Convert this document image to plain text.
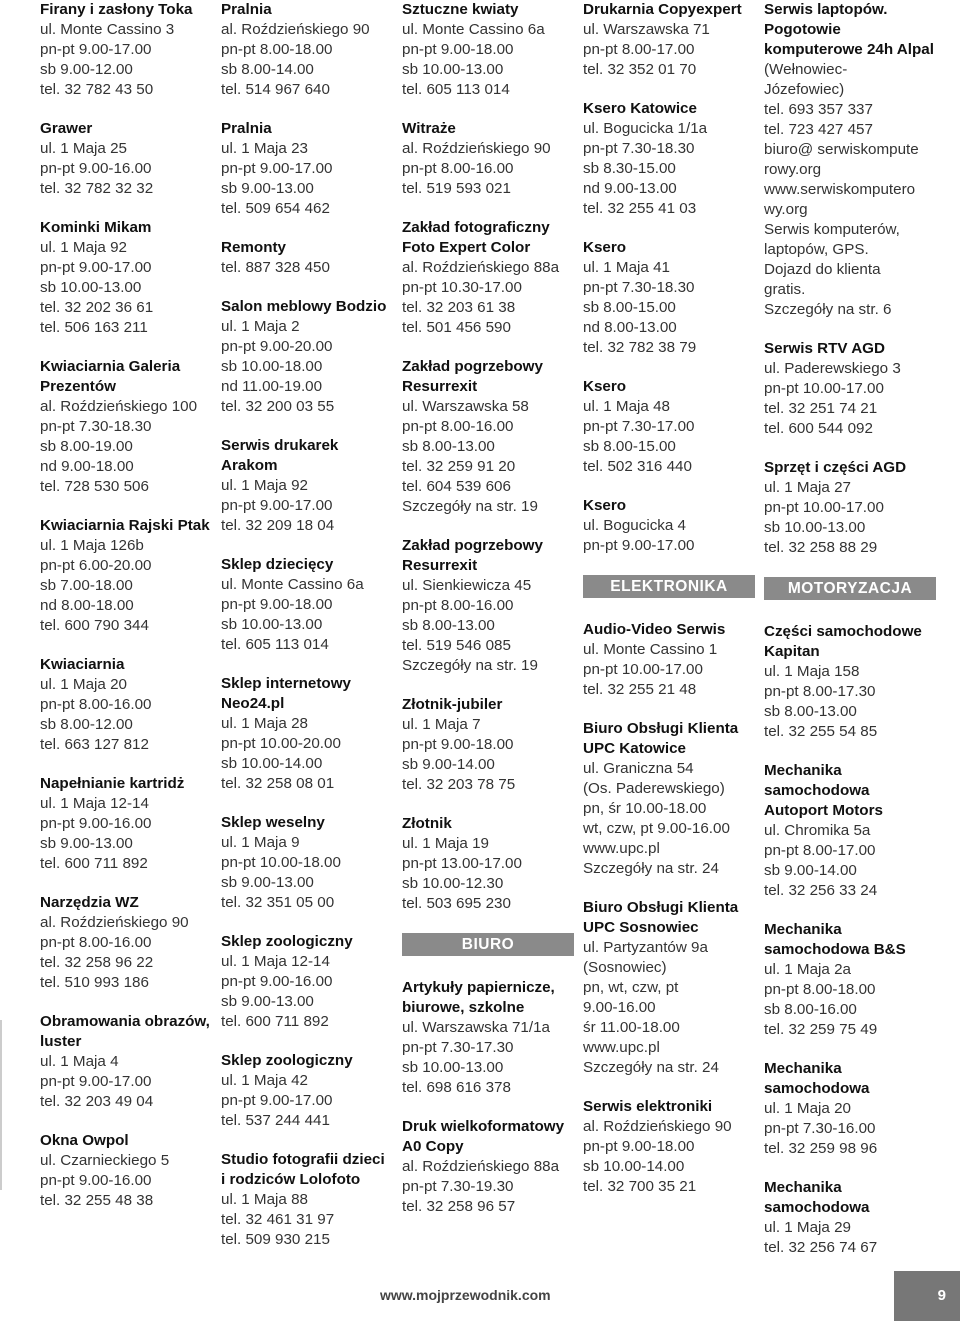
Firany i zasłony Toka
ul. Monte Cassino 3
pn-pt 9.00-17.00
sb 9.00-12.00
tel. 32 782 43 50
Grawer
ul. 1 Maja 25
pn-pt 9.00-16.00
tel. 32 782 32 32
Kominki Mikam
ul. 1 Maja 92
pn-pt 9.00-17.00
sb 10.00-13.00
tel. 32 202 36 61
tel. 506 163 211
Kwiaciarnia Galeria Prezentów
al. Roździeńskiego 100
pn-pt 7.30-18.30
sb 8.00-19.00
nd 9.00-18.00
tel. 728 530 506
Kwiaciarnia Rajski Ptak
ul. 1 Maja 126b
pn-pt 6.00-20.00
sb 7.00-18.00
nd 8.00-18.00
tel. 600 790 344
Kwiaciarnia
ul. 1 Maja 20
pn-pt 8.00-16.00
sb 8.00-12.00
tel. 663 127 812
Napełnianie kartridż
ul. 1 Maja 12-14
pn-pt 9.00-16.00
sb 9.00-13.00
tel. 600 711 892
Narzędzia WZ
al. Roździeńskiego 90
pn-pt 8.00-16.00
tel. 32 258 96 22
tel. 510 993 186
Obramowania obrazów, luster
ul. 1 Maja 4
pn-pt 9.00-17.00
tel. 32 203 49 04
Okna Owpol
ul. Czarnieckiego 5
pn-pt 9.00-16.00
tel. 32 255 48 38
Pralnia
al. Roździeńskiego 90
pn-pt 8.00-18.00
sb 8.00-14.00
tel. 514 967 640
Pralnia
ul. 1 Maja 23
pn-pt 9.00-17.00
sb 9.00-13.00
tel. 509 654 462
Remonty
tel. 887 328 450
Salon meblowy Bodzio
ul. 1 Maja 2
pn-pt 9.00-20.00
sb 10.00-18.00
nd 11.00-19.00
tel. 32 200 03 55
Serwis drukarek Arakom
ul. 1 Maja 92
pn-pt 9.00-17.00
tel. 32 209 18 04
Sklep dziecięcy
ul. Monte Cassino 6a
pn-pt 9.00-18.00
sb 10.00-13.00
tel. 605 113 014
Sklep internetowy Neo24.pl
ul. 1 Maja 28
pn-pt 10.00-20.00
sb 10.00-14.00
tel. 32 258 08 01
Sklep weselny
ul. 1 Maja 9
pn-pt 10.00-18.00
sb 9.00-13.00
tel. 32 351 05 00
Sklep zoologiczny
ul. 1 Maja 12-14
pn-pt 9.00-16.00
sb 9.00-13.00
tel. 600 711 892
Sklep zoologiczny
ul. 1 Maja 42
pn-pt 9.00-17.00
tel. 537 244 441
Studio fotografii dzieci i rodziców Lolofoto
ul. 1 Maja 88
tel. 32 461 31 97
tel. 509 930 215
Sztuczne kwiaty
ul. Monte Cassino 6a
pn-pt 9.00-18.00
sb 10.00-13.00
tel. 605 113 014
Witraże
al. Roździeńskiego 90
pn-pt 8.00-16.00
tel. 519 593 021
Zakład fotograficzny Foto Expert Color
al. Roździeńskiego 88a
pn-pt 10.30-17.00
tel. 32 203 61 38
tel. 501 456 590
Zakład pogrzebowy Resurrexit
ul. Warszawska 58
pn-pt 8.00-16.00
sb 8.00-13.00
tel. 32 259 91 20
tel. 604 539 606
Szczegóły na str. 19
Zakład pogrzebowy Resurrexit
ul. Sienkiewicza 45
pn-pt 8.00-16.00
sb 8.00-13.00
tel. 519 546 085
Szczegóły na str. 19
Złotnik-jubiler
ul. 1 Maja 7
pn-pt 9.00-18.00
sb 9.00-14.00
tel. 32 203 78 75
Złotnik
ul. 1 Maja 19
pn-pt 13.00-17.00
sb 10.00-12.30
tel. 503 695 230
BIURO
Artykuły papiernicze, biurowe, szkolne
ul. Warszawska 71/1a
pn-pt 7.30-17.30
sb 10.00-13.00
tel. 698 616 378
Druk wielkoformatowy A0 Copy
al. Roździeńskiego 88a
pn-pt 7.30-19.30
tel. 32 258 96 57
Drukarnia Copyexpert
ul. Warszawska 71
pn-pt 8.00-17.00
tel. 32 352 01 70
Ksero Katowice
ul. Bogucicka 1/1a
pn-pt 7.30-18.30
sb 8.30-15.00
nd 9.00-13.00
tel. 32 255 41 03
Ksero
ul. 1 Maja 41
pn-pt 7.30-18.30
sb 8.00-15.00
nd 8.00-13.00
tel. 32 782 38 79
Ksero
ul. 1 Maja 48
pn-pt 7.30-17.00
sb 8.00-15.00
tel. 502 316 440
Ksero
ul. Bogucicka 4
pn-pt 9.00-17.00
ELEKTRONIKA
Audio-Video Serwis
ul. Monte Cassino 1
pn-pt 10.00-17.00
tel. 32 255 21 48
Biuro Obsługi Klienta UPC Katowice
ul. Graniczna 54
(Os. Paderewskiego)
pn, śr 10.00-18.00
wt, czw, pt 9.00-16.00
www.upc.pl
Szczegóły na str. 24
Biuro Obsługi Klienta UPC Sosnowiec
ul. Partyzantów 9a
(Sosnowiec)
pn, wt, czw, pt
9.00-16.00
śr 11.00-18.00
www.upc.pl
Szczegóły na str. 24
Serwis elektroniki
al. Roździeńskiego 90
pn-pt 9.00-18.00
sb 10.00-14.00
tel. 32 700 35 21
Serwis laptopów. Pogotowie komputerowe 24h Alpal
(Wełnowiec-
Józefowiec)
tel. 693 357 337
tel. 723 427 457
biuro@ serwiskompute
rowy.org
www.serwiskomputero
wy.org
Serwis komputerów,
laptopów, GPS.
Dojazd do klienta
gratis.
Szczegóły na str. 6
Serwis RTV AGD
ul. Paderewskiego 3
pn-pt 10.00-17.00
tel. 32 251 74 21
tel. 600 544 092
Sprzęt i części AGD
ul. 1 Maja 27
pn-pt 10.00-17.00
sb 10.00-13.00
tel. 32 258 88 29
MOTORYZACJA
Części samochodowe Kapitan
ul. 1 Maja 158
pn-pt 8.00-17.30
sb 8.00-13.00
tel. 32 255 54 85
Mechanika samochodowa Autoport Motors
ul. Chromika 5a
pn-pt 8.00-17.00
sb 9.00-14.00
tel. 32 256 33 24
Mechanika samochodowa B&S
ul. 1 Maja 2a
pn-pt 8.00-18.00
sb 8.00-16.00
tel. 32 259 75 49
Mechanika samochodowa
ul. 1 Maja 20
pn-pt 7.30-16.00
tel. 32 259 98 96
Mechanika samochodowa
ul. 1 Maja 29
tel. 32 256 74 67
www.mojprzewodnik.com	9
